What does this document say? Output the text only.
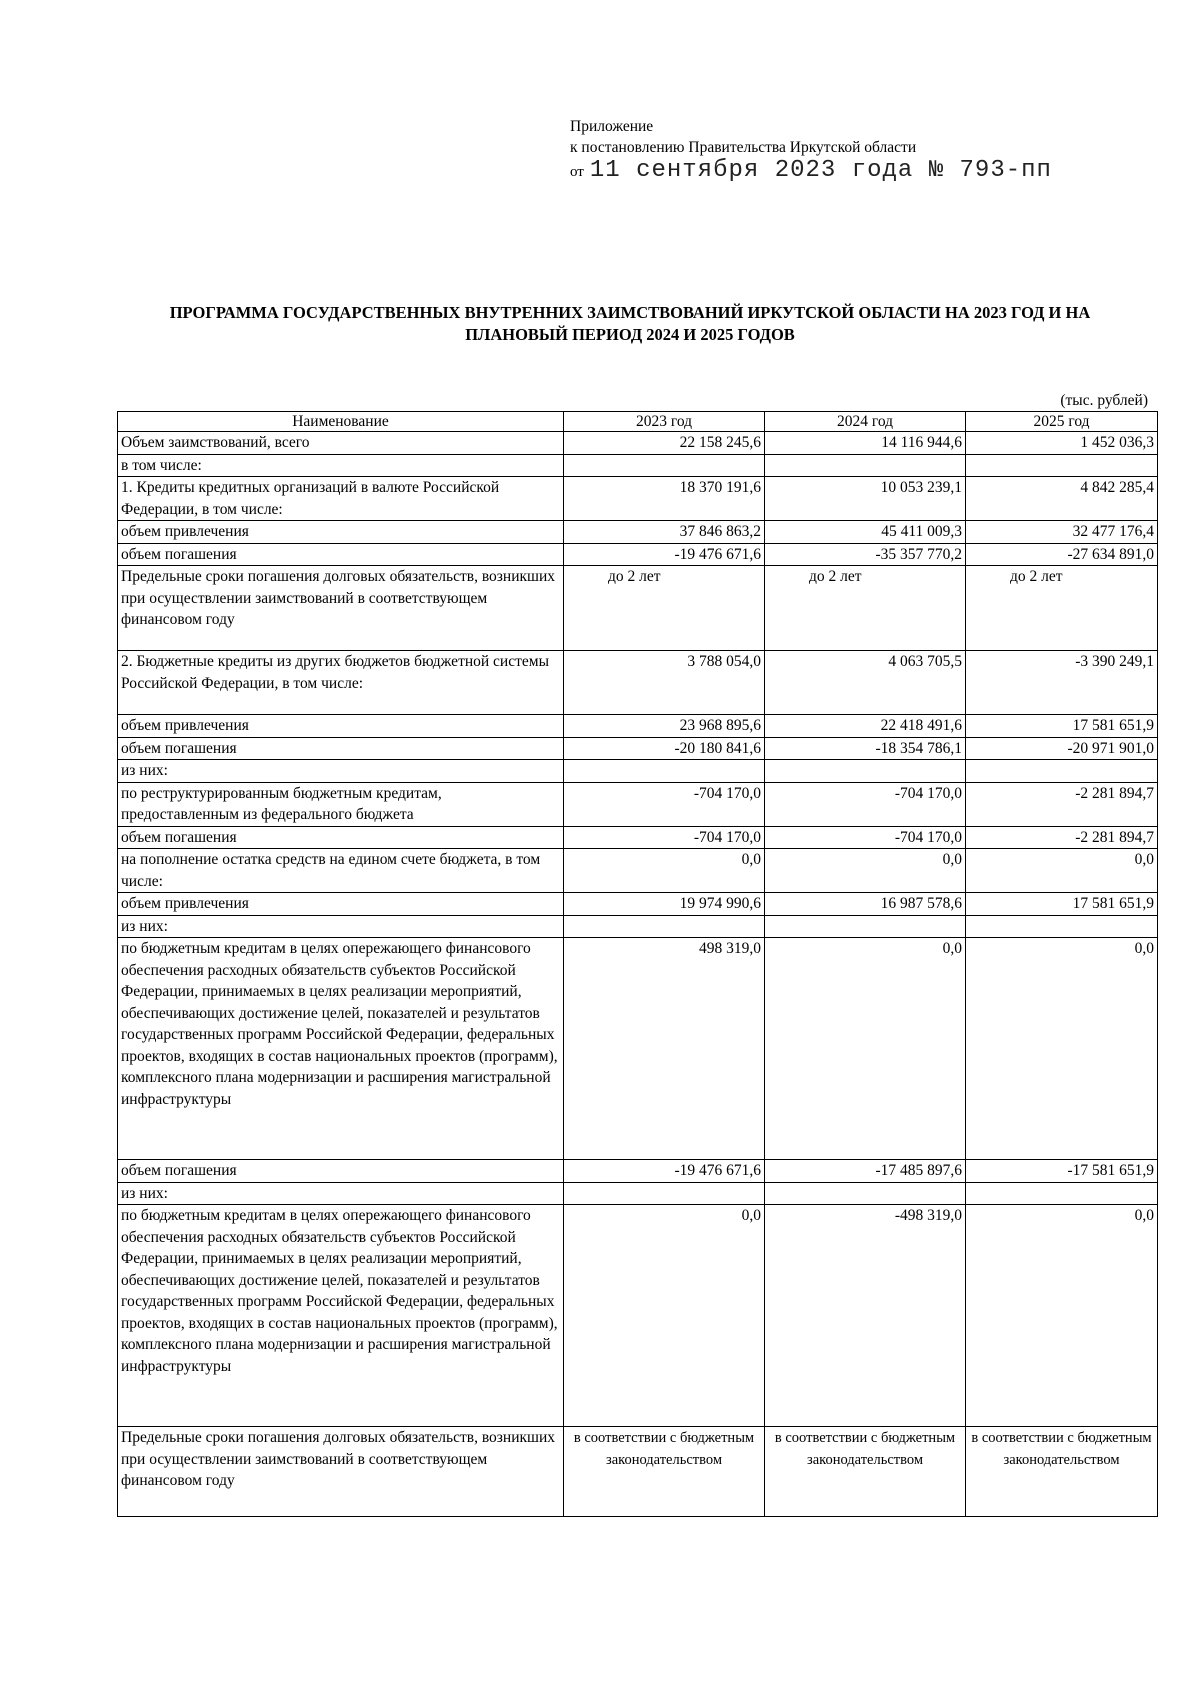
Приложение
к постановлению Правительства Иркутской области
от 11 сентября 2023 года № 793-пп
ПРОГРАММА ГОСУДАРСТВЕННЫХ ВНУТРЕННИХ ЗАИМСТВОВАНИЙ ИРКУТСКОЙ ОБЛАСТИ НА 2023 ГОД И НА
ПЛАНОВЫЙ ПЕРИОД 2024 И 2025 ГОДОВ
(тыс. рублей)
Наименование	2023 год	2024 год	2025 год
Объем заимствований, всего	22 158 245,6	14 116 944,6	1 452 036,3
в том числе:			
1. Кредиты кредитных организаций в валюте Российской Федерации, в том числе:	18 370 191,6	10 053 239,1	4 842 285,4
объем привлечения	37 846 863,2	45 411 009,3	32 477 176,4
объем погашения	-19 476 671,6	-35 357 770,2	-27 634 891,0
Предельные сроки погашения долговых обязательств, возникших при осуществлении заимствований в соответствующем финансовом году	до 2 лет	до 2 лет	до 2 лет
2. Бюджетные кредиты из других бюджетов бюджетной системы Российской Федерации, в том числе:	3 788 054,0	4 063 705,5	-3 390 249,1
объем привлечения	23 968 895,6	22 418 491,6	17 581 651,9
объем погашения	-20 180 841,6	-18 354 786,1	-20 971 901,0
из них:			
по реструктурированным бюджетным кредитам, предоставленным из федерального бюджета	-704 170,0	-704 170,0	-2 281 894,7
объем погашения	-704 170,0	-704 170,0	-2 281 894,7
на пополнение остатка средств на едином счете бюджета, в том числе:	0,0	0,0	0,0
объем привлечения	19 974 990,6	16 987 578,6	17 581 651,9
из них:			
по бюджетным кредитам в целях опережающего финансового обеспечения расходных обязательств субъектов Российской Федерации, принимаемых в целях реализации мероприятий, обеспечивающих достижение целей, показателей и результатов государственных программ Российской Федерации, федеральных проектов, входящих в состав национальных проектов (программ), комплексного плана модернизации и расширения магистральной инфраструктуры	498 319,0	0,0	0,0
объем погашения	-19 476 671,6	-17 485 897,6	-17 581 651,9
из них:			
по бюджетным кредитам в целях опережающего финансового обеспечения расходных обязательств субъектов Российской Федерации, принимаемых в целях реализации мероприятий, обеспечивающих достижение целей, показателей и результатов государственных программ Российской Федерации, федеральных проектов, входящих в состав национальных проектов (программ), комплексного плана модернизации и расширения магистральной инфраструктуры	0,0	-498 319,0	0,0
Предельные сроки погашения долговых обязательств, возникших при осуществлении заимствований в соответствующем финансовом году	в соответствии с бюджетным законодательством	в соответствии с бюджетным законодательством	в соответствии с бюджетным законодательством
